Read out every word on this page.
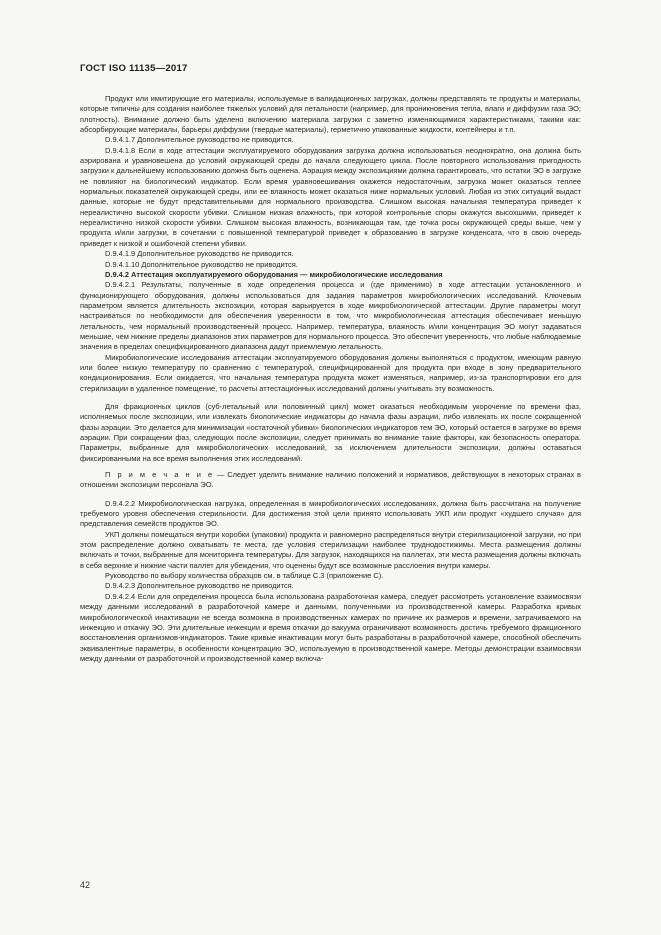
ГОСТ ISO 11135—2017

Продукт или имитирующие его материалы, используемые в валидационных загрузках, должны представлять те продукты и материалы, которые типичны для создания наиболее тяжелых условий для летальности (например, для проникновения тепла, влаги и диффузии газа ЭО; плотность). Внимание должно быть уделено включению материала загрузки с заметно изменяющимися характеристиками, такими как: абсорбирующие материалы, барьеры диффузии (твердые материалы), герметично упакованные жидкости, контейнеры и т.п.

D.9.4.1.7 Дополнительное руководство не приводится.

D.9.4.1.8 Если в ходе аттестации эксплуатируемого оборудования загрузка должна использоваться неоднократно, она должна быть аэрирована и уравновешена до условий окружающей среды до начала следующего цикла. После повторного использования пригодность загрузки к дальнейшему использованию должна быть оценена. Аэрация между экспозициями должна гарантировать, что остатки ЭО в загрузке не повлияют на биологический индикатор. Если время уравновешивания окажется недостаточным, загрузка может оказаться теплее нормальных показателей окружающей среды, или ее влажность может оказаться ниже нормальных условий. Любая из этих ситуаций выдаст данные, которые не будут представительными для нормального производства. Слишком высокая начальная температура приведет к нереалистично высокой скорости убивки. Слишком низкая влажность, при которой контрольные споры окажутся высохшими, приведет к нереалистично низкой скорости убивки. Слишком высокая влажность, возникающая там, где точка росы окружающей среды выше, чем у продукта и/или загрузки, в сочетании с повышенной температурой приведет к образованию в загрузке конденсата, что в свою очередь приведет к низкой и ошибочной степени убивки.

D.9.4.1.9 Дополнительное руководство не приводится.

D.9.4.1.10 Дополнительное руководство не приводится.

D.9.4.2 Аттестация эксплуатируемого оборудования — микробиологические исследования

D.9.4.2.1 Результаты, полученные в ходе определения процесса и (где применимо) в ходе аттестации установленного и функционирующего оборудования, должны использоваться для задания параметров микробиологических исследований. Ключевым параметром является длительность экспозиции, которая варьируется в ходе микробиологической аттестации. Другие параметры могут настраиваться по необходимости для обеспечения уверенности в том, что микробиологическая аттестация обеспечивает меньшую летальность, чем нормальный производственный процесс. Например, температура, влажность и/или концентрация ЭО могут задаваться меньшие, чем нижние пределы диапазонов этих параметров для нормального процесса. Это обеспечит уверенность, что любые наблюдаемые значения в пределах специфицированного диапазона дадут приемлемую летальность.

Микробиологические исследования аттестации эксплуатируемого оборудования должны выполняться с продуктом, имеющим равную или более низкую температуру по сравнению с температурой, специфицированной для продукта при входе в зону предварительного кондиционирования. Если ожидается, что начальная температура продукта может изменяться, например, из-за транспортировки его для стерилизации в удаленное помещение, то расчеты аттестационных исследований должны учитывать эту возможность.

Для фракционных циклов (суб-летальный или половинный цикл) может оказаться необходимым укорочение по времени фаз, исполняемых после экспозиции, или извлекать биологические индикаторы до начала фазы аэрации, либо извлекать их после сокращенной фазы аэрации. Это делается для минимизации «остаточной убивки» биологических индикаторов тем ЭО, который остается в загрузке во время аэрации. При сокращении фаз, следующих после экспозиции, следует принимать во внимание такие факторы, как безопасность оператора. Параметры, выбранные для микробиологических исследований, за исключением длительности экспозиции, должны оставаться фиксированными на все время выполнения этих исследований.

П р и м е ч а н и е — Следует уделить внимание наличию положений и нормативов, действующих в некоторых странах в отношении экспозиции персонала ЭО.

D.9.4.2.2 Микробиологическая нагрузка, определенная в микробиологических исследованиях, должна быть рассчитана на получение требуемого уровня обеспечения стерильности. Для достижения этой цели принято использовать УКП или продукт «худшего случая» для представления семейств продуктов ЭО.

УКП должны помещаться внутри коробки (упаковки) продукта и равномерно распределяться внутри стерилизационной загрузки, но при этом распределение должно охватывать те места, где условия стерилизации наиболее труднодостижимы. Места размещения должны включать и точки, выбранные для мониторинга температуры. Для загрузок, находящихся на паллетах, эти места размещения должны включать в себя верхние и нижние части паллет для убеждения, что оценены будут все возможные расслоения внутри камеры.

Руководство по выбору количества образцов см. в таблице С.3 (приложение С).

D.9.4.2.3 Дополнительное руководство не приводится.

D.9.4.2.4 Если для определения процесса была использована разработочная камера, следует рассмотреть установление взаимосвязи между данными исследований в разработочной камере и данными, полученными из производственной камеры. Разработка кривых микробиологической инактивации не всегда возможна в производственных камерах по причине их размеров и времени, затрачиваемого на инжекцию и откачку ЭО. Эти длительные инжекции и время откачки до вакуума ограничивают возможность достичь требуемого фракционного восстановления организмов-индикаторов. Такие кривые инактивации могут быть разработаны в разработочной камере, способной обеспечить эквивалентные параметры, в особенности концентрацию ЭО, используемую в производственной камере. Методы демонстрации взаимосвязи между данными от разработочной и производственной камер включа-

42
